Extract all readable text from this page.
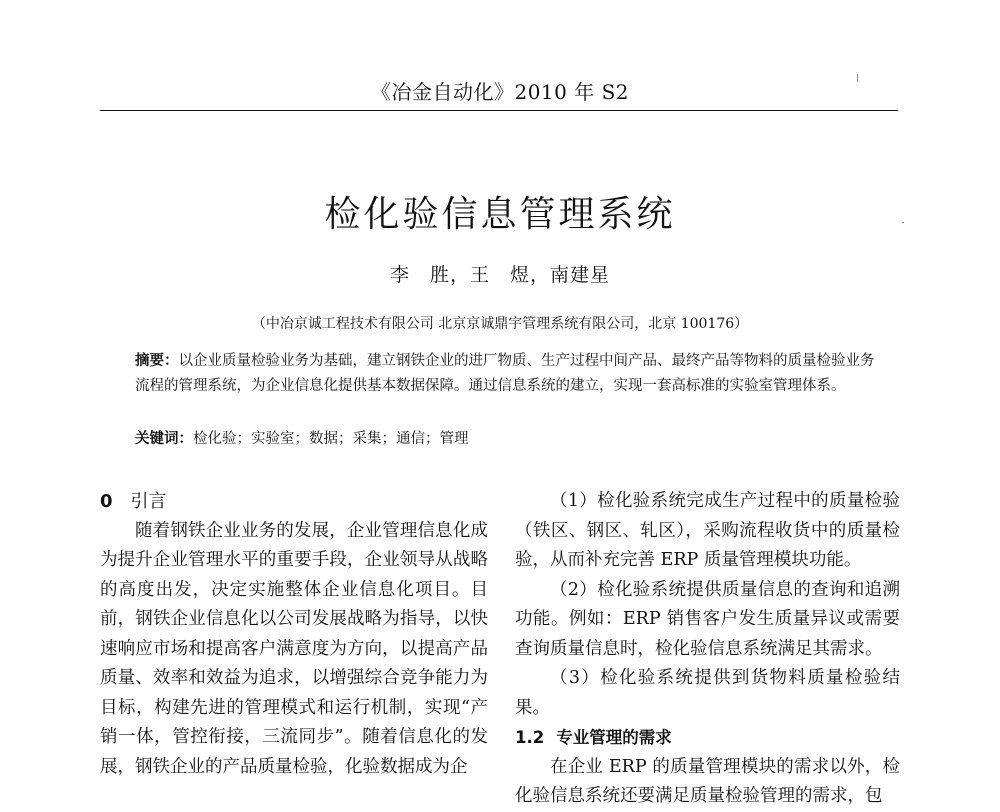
《冶金自动化》2010 年 S2
检化验信息管理系统
李　胜，王　煜，南建星
（中冶京诚工程技术有限公司 北京京诚鼎宇管理系统有限公司，北京 100176）
摘要：以企业质量检验业务为基础，建立钢铁企业的进厂物质、生产过程中间产品、最终产品等物料的质量检验业务流程的管理系统，为企业信息化提供基本数据保障。通过信息系统的建立，实现一套高标准的实验室管理体系。
关键词：检化验；实验室；数据；采集；通信；管理
0 引言

随着钢铁企业业务的发展，企业管理信息化成为提升企业管理水平的重要手段，企业领导从战略的高度出发，决定实施整体企业信息化项目。目前，钢铁企业信息化以公司发展战略为指导，以快速响应市场和提高客户满意度为方向，以提高产品质量、效率和效益为追求，以增强综合竞争能力为目标，构建先进的管理模式和运行机制，实现“产销一体，管控衔接，三流同步”。随着信息化的发展，钢铁企业的产品质量检验，化验数据成为企

（1）检化验系统完成生产过程中的质量检验（铁区、钢区、轧区），采购流程收货中的质量检验，从而补充完善 ERP 质量管理模块功能。

（2）检化验系统提供质量信息的查询和追溯功能。例如：ERP 销售客户发生质量异议或需要查询质量信息时，检化验信息系统满足其需求。

（3）检化验系统提供到货物料质量检验结果。

1.2 专业管理的需求

在企业 ERP 的质量管理模块的需求以外，检化验信息系统还要满足质量检验管理的需求，包
